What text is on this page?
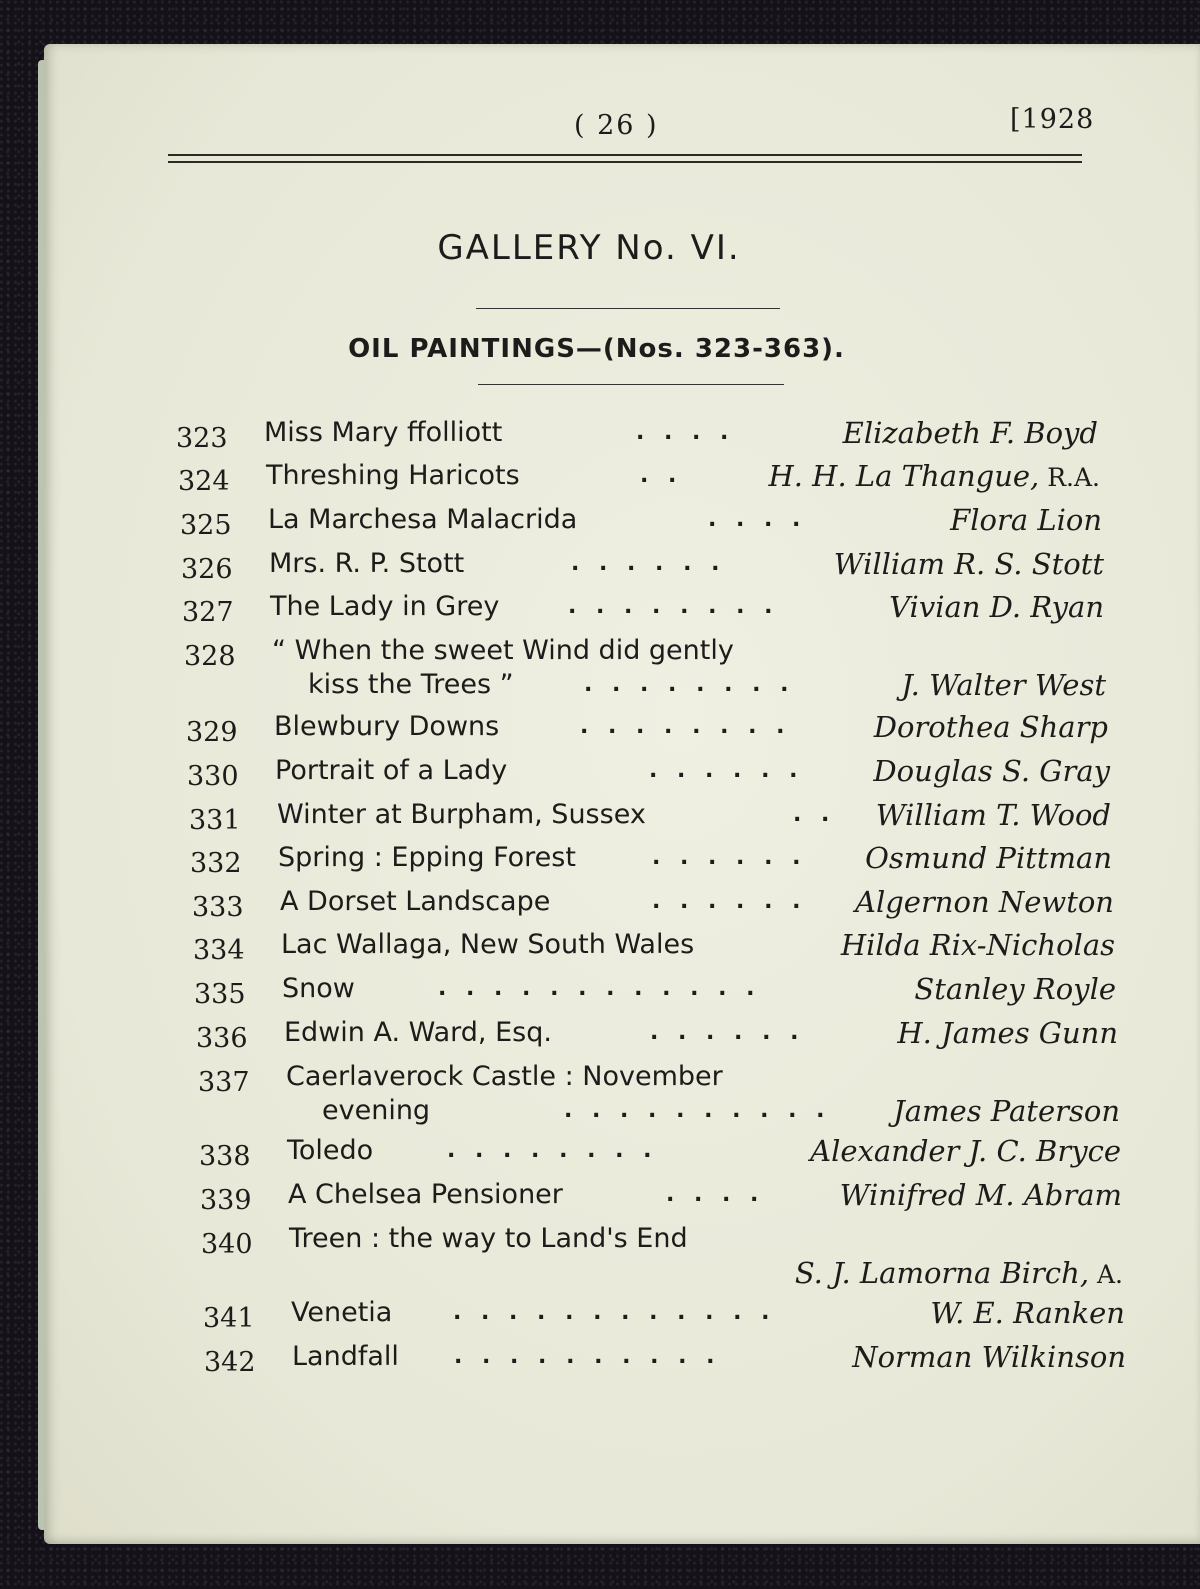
( 26 )	[1928
GALLERY No. VI.
OIL PAINTINGS—(Nos. 323-363).
323	Miss Mary ffolliott	. . . .	Elizabeth F. Boyd
324	Threshing Haricots	. .	H. H. La Thangue, R.A.
325	La Marchesa Malacrida	. . . .	Flora Lion
326	Mrs. R. P. Stott	. . . . . .	William R. S. Stott
327	The Lady in Grey	. . . . . . . .	Vivian D. Ryan
328	“ When the sweet Wind did gently
kiss the Trees ”	. . . . . . . .	J. Walter West
329	Blewbury Downs	. . . . . . . .	Dorothea Sharp
330	Portrait of a Lady	. . . . . . Douglas S. Gray
331	Winter at Burpham, Sussex	. . William T. Wood
332	Spring : Epping Forest	. . . . . . Osmund Pittman
333	A Dorset Landscape	. . . . . . Algernon Newton
334	Lac Wallaga, New South Wales	Hilda Rix-Nicholas
335	Snow	. . . . . . . . . . . .	Stanley Royle
336	Edwin A. Ward, Esq.	. . . . . .	H. James Gunn
337	Caerlaverock Castle : November
evening	. . . . . . . . . . James Paterson
338	Toledo	. . . . . . . .	Alexander J. C. Bryce
339	A Chelsea Pensioner	. . . .	Winifred M. Abram
340	Treen : the way to Land's End
S. J. Lamorna Birch, A.
341	Venetia	. . . . . . . . . . . .	W. E. Ranken
342	Landfall	. . . . . . . . . .	Norman Wilkinson
